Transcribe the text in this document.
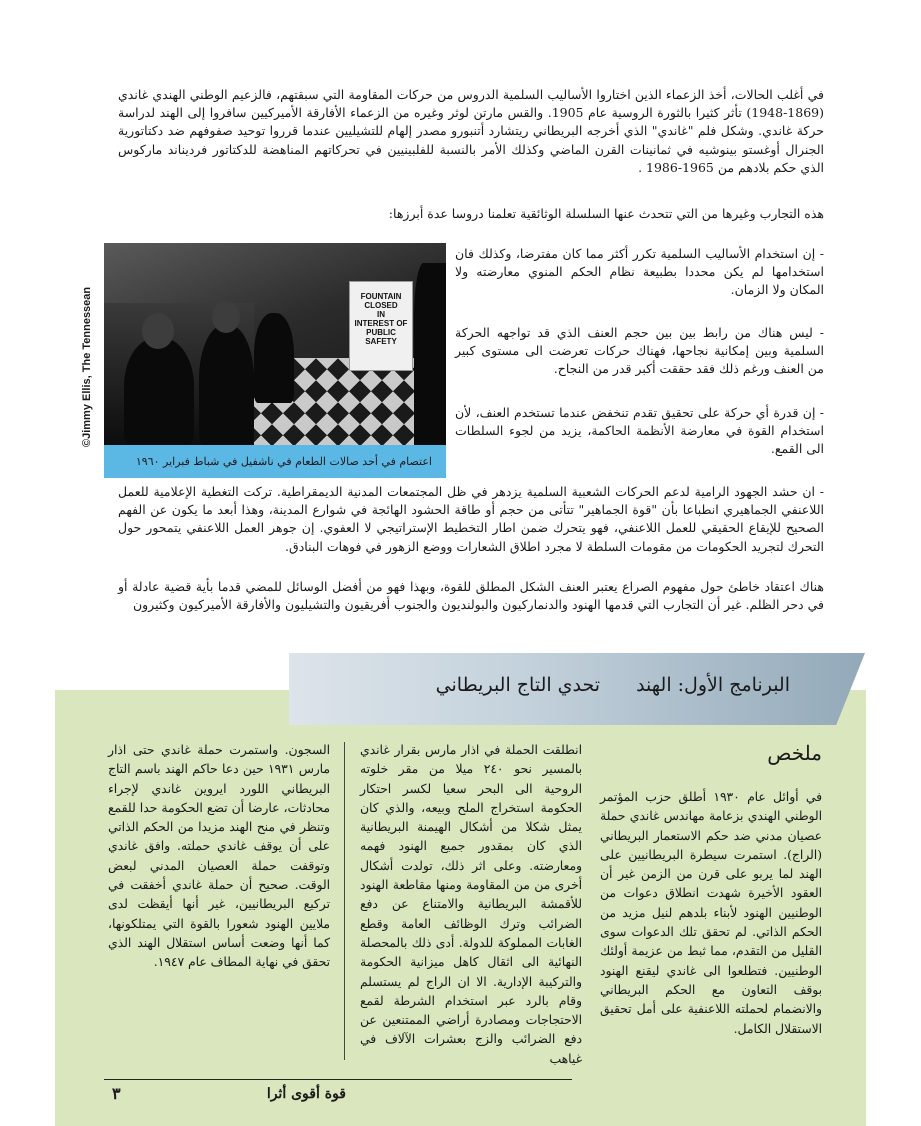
في أغلب الحالات، أخذ الزعماء الذين اختاروا الأساليب السلمية الدروس من حركات المقاومة التي سبقتهم، فالزعيم الوطني الهندي غاندي (1869-1948) تأثر كثيرا بالثورة الروسية عام 1905. والقس مارتن لوثر وغيره من الزعماء الأفارقة الأميركيين سافروا إلى الهند لدراسة حركة غاندي. وشكل فلم "غاندي" الذي أخرجه البريطاني ريتشارد أتنبورو مصدر إلهام للتشيليين عندما قرروا توحيد صفوفهم ضد دكتاتورية الجنرال أوغستو بينوشيه في ثمانينات القرن الماضي وكذلك الأمر بالنسبة للفلبينيين في تحركاتهم المناهضة للدكتاتور فرديناند ماركوس الذي حكم بلادهم من 1965-1986 .

هذه التجارب وغيرها من التي تتحدث عنها السلسلة الوثائقية تعلمنا دروسا عدة أبرزها:

FOUNTAIN
CLOSED
IN
INTEREST OF
PUBLIC
SAFETY
اعتصام في أحد صالات الطعام في ناشفيل في شباط فبراير ١٩٦٠
©Jimmy Ellis, The Tennessean

- إن استخدام الأساليب السلمية تكرر أكثر مما كان مفترضا، وكذلك فان استخدامها لم يكن محددا بطبيعة نظام الحكم المنوي معارضته ولا المكان ولا الزمان.

- ليس هناك من رابط بين بين حجم العنف الذي قد تواجهه الحركة السلمية وبين إمكانية نجاحها، فهناك حركات تعرضت الى مستوى كبير من العنف ورغم ذلك فقد حققت أكبر قدر من النجاح.

- إن قدرة أي حركة على تحقيق تقدم تنخفض عندما تستخدم العنف، لأن استخدام القوة في معارضة الأنظمة الحاكمة، يزيد من لجوء السلطات الى القمع.

- ان حشد الجهود الرامية لدعم الحركات الشعبية السلمية يزدهر في ظل المجتمعات المدنية الديمقراطية. تركت التغطية الإعلامية للعمل اللاعنفي الجماهيري انطباعا بأن "قوة الجماهير" تتأتى من حجم أو طاقة الحشود الهائجة في شوارع المدينة، وهذا أبعد ما يكون عن الفهم الصحيح للإيقاع الحقيقي للعمل اللاعنفي، فهو يتحرك ضمن اطار التخطيط الإستراتيجي لا العفوي. إن جوهر العمل اللاعنفي يتمحور حول التحرك لتجريد الحكومات من مقومات السلطة لا مجرد اطلاق الشعارات ووضع الزهور في فوهات البنادق.

هناك اعتقاد خاطئ حول مفهوم الصراع يعتبر العنف الشكل المطلق للقوة، وبهذا فهو من أفضل الوسائل للمضي قدما بأية قضية عادلة أو في دحر الظلم. غير أن التجارب التي قدمها الهنود والدنماركيون والبولنديون والجنوب أفريقيون والتشيليون والأفارقة الأميركيون وكثيرون

البرنامج الأول: الهندتحدي التاج البريطاني
ملخص

في أوائل عام ١٩٣٠ أطلق حزب المؤتمر الوطني الهندي بزعامة مهاندس غاندي حملة عصيان مدني ضد حكم الاستعمار البريطاني (الراج). استمرت سيطرة البريطانيين على الهند لما يربو على قرن من الزمن غير أن العقود الأخيرة شهدت انطلاق دعوات من الوطنيين الهنود لأبناء بلدهم لنيل مزيد من الحكم الذاتي. لم تحقق تلك الدعوات سوى القليل من التقدم، مما ثبط من عزيمة أولئك الوطنيين. فتطلعوا الى غاندي ليقنع الهنود بوقف التعاون مع الحكم البريطاني والانضمام لحملته اللاعنفية على أمل تحقيق الاستقلال الكامل.

انطلقت الحملة في اذار مارس بقرار غاندي بالمسير نحو ٢٤٠ ميلا من مقر خلوته الروحية الى البحر سعيا لكسر احتكار الحكومة استخراج الملح وبيعه، والذي كان يمثل شكلا من أشكال الهيمنة البريطانية الذي كان بمقدور جميع الهنود فهمه ومعارضته. وعلى اثر ذلك، تولدت أشكال أخرى من من المقاومة ومنها مقاطعة الهنود للأقمشة البريطانية والامتناع عن دفع الضرائب وترك الوظائف العامة وقطع الغابات المملوكة للدولة. أدى ذلك بالمحصلة النهائية الى اثقال كاهل ميزانية الحكومة والتركيبة الإدارية. الا ان الراج لم يستسلم وقام بالرد عبر استخدام الشرطة لقمع الاحتجاجات ومصادرة أراضي الممتنعين عن دفع الضرائب والزج بعشرات الآلاف في غياهب

السجون. واستمرت حملة غاندي حتى اذار مارس ١٩٣١ حين دعا حاكم الهند باسم التاج البريطاني اللورد ايروين غاندي لإجراء محادثات، عارضا أن تضع الحكومة حدا للقمع وتنظر في منح الهند مزيدا من الحكم الذاتي على أن يوقف غاندي حملته. وافق غاندي وتوقفت حملة العصيان المدني لبعض الوقت. صحيح أن حملة غاندي أخفقت في تركيع البريطانيين، غير أنها أيقظت لدى ملايين الهنود شعورا بالقوة التي يمتلكونها، كما أنها وضعت أساس استقلال الهند الذي تحقق في نهاية المطاف عام ١٩٤٧.

قوة أقوى أثرا
٣
